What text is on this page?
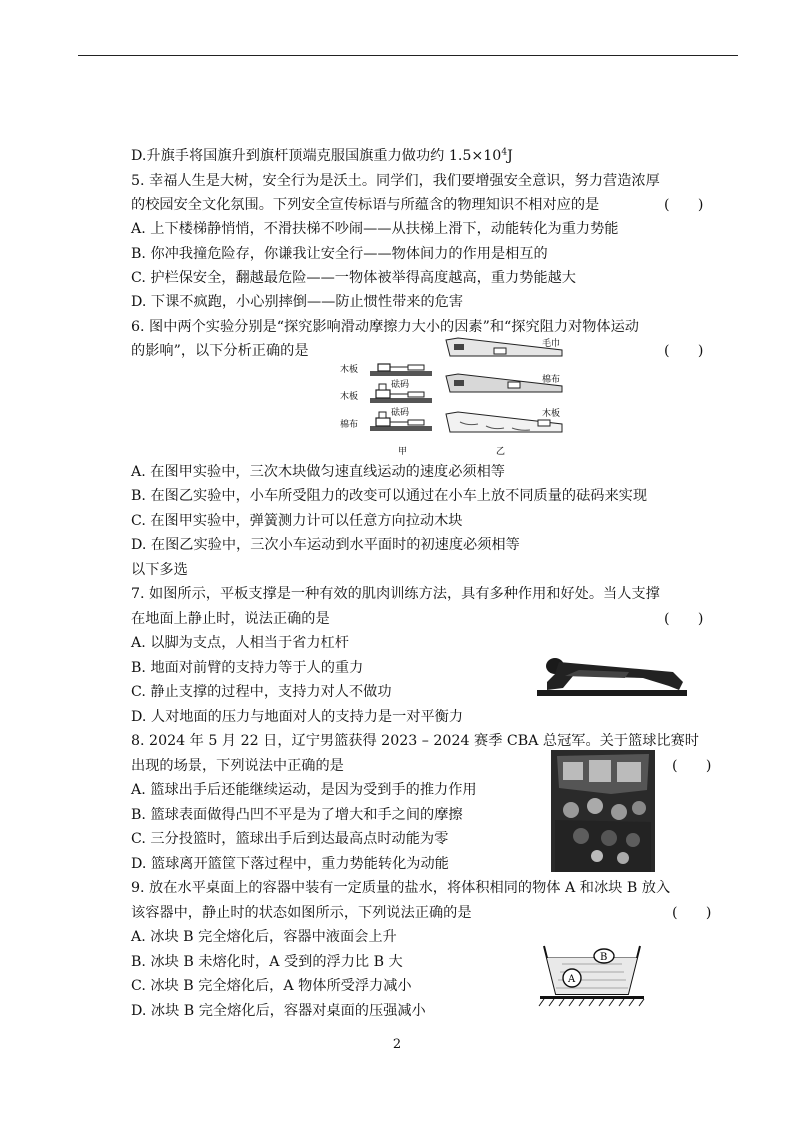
D.升旗手将国旗升到旗杆顶端克服国旗重力做功约 $1.5\times 10^4J$
5. 幸福人生是大树，安全行为是沃土。同学们，我们要增强安全意识，努力营造浓厚
的校园安全文化氛围。下列安全宣传标语与所蕴含的物理知识不相对应的是	(　　)
A. 上下楼梯静悄悄，不滑扶梯不吵闹——从扶梯上滑下，动能转化为重力势能
B. 你冲我撞危险存，你谦我让安全行——物体间力的作用是相互的
C. 护栏保安全，翻越最危险——一物体被举得高度越高，重力势能越大
D. 下课不疯跑，小心别摔倒——防止惯性带来的危害
6. 图中两个实验分别是“探究影响滑动摩擦力大小的因素”和“探究阻力对物体运动
的影响”，以下分析正确的是	(　　)
木板
木板
棉布
砝码
砝码
毛巾
棉布
木板
甲	乙
A. 在图甲实验中，三次木块做匀速直线运动的速度必须相等
B. 在图乙实验中，小车所受阻力的改变可以通过在小车上放不同质量的砝码来实现
C. 在图甲实验中，弹簧测力计可以任意方向拉动木块
D. 在图乙实验中，三次小车运动到水平面时的初速度必须相等
以下多选
7. 如图所示，平板支撑是一种有效的肌肉训练方法，具有多种作用和好处。当人支撑
在地面上静止时，说法正确的是	(　　)
A. 以脚为支点，人相当于省力杠杆
B. 地面对前臂的支持力等于人的重力
C. 静止支撑的过程中，支持力对人不做功
D. 人对地面的压力与地面对人的支持力是一对平衡力
8. 2024 年 5 月 22 日，辽宁男篮获得 2023 – 2024 赛季 CBA 总冠军。关于篮球比赛时
出现的场景，下列说法中正确的是	(　　)
A. 篮球出手后还能继续运动，是因为受到手的推力作用
B. 篮球表面做得凸凹不平是为了增大和手之间的摩擦
C. 三分投篮时，篮球出手后到达最高点时动能为零
D. 篮球离开篮筐下落过程中，重力势能转化为动能
9. 放在水平桌面上的容器中装有一定质量的盐水，将体积相同的物体 A 和冰块 B 放入
该容器中，静止时的状态如图所示，下列说法正确的是	(　　)
A. 冰块 B 完全熔化后，容器中液面会上升
B. 冰块 B 未熔化时，A 受到的浮力比 B 大
C. 冰块 B 完全熔化后，A 物体所受浮力减小
D. 冰块 B 完全熔化后，容器对桌面的压强减小
A
B
2
